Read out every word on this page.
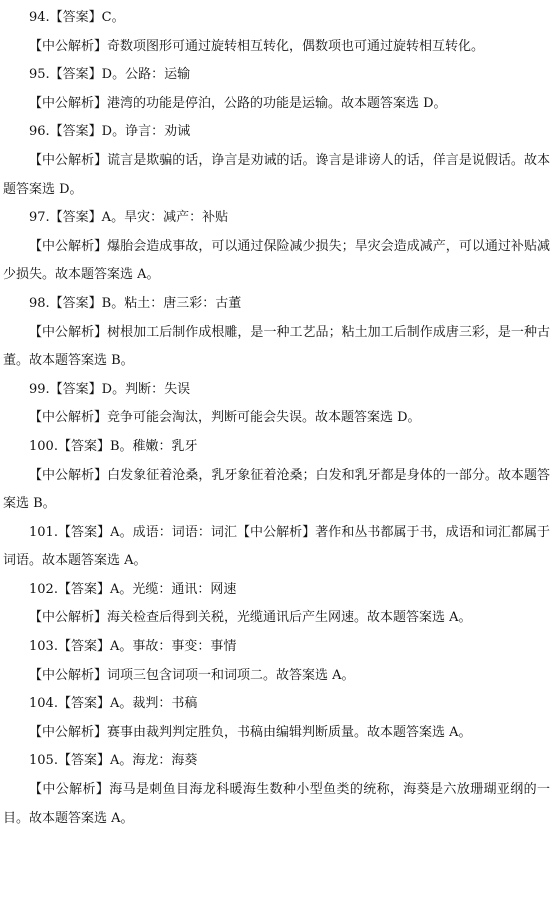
94.【答案】C。

【中公解析】奇数项图形可通过旋转相互转化，偶数项也可通过旋转相互转化。

95.【答案】D。公路：运输

【中公解析】港湾的功能是停泊，公路的功能是运输。故本题答案选 D。

96.【答案】D。诤言：劝诫

【中公解析】谎言是欺骗的话，诤言是劝诫的话。谗言是诽谤人的话，佯言是说假话。故本题答案选 D。

97.【答案】A。旱灾：减产：补贴

【中公解析】爆胎会造成事故，可以通过保险减少损失；旱灾会造成减产，可以通过补贴减少损失。故本题答案选 A。

98.【答案】B。粘土：唐三彩：古董

【中公解析】树根加工后制作成根雕，是一种工艺品；粘土加工后制作成唐三彩，是一种古董。故本题答案选 B。

99.【答案】D。判断：失误

【中公解析】竞争可能会淘汰，判断可能会失误。故本题答案选 D。

100.【答案】B。稚嫩：乳牙

【中公解析】白发象征着沧桑，乳牙象征着沧桑；白发和乳牙都是身体的一部分。故本题答案选 B。

101.【答案】A。成语：词语：词汇【中公解析】著作和丛书都属于书，成语和词汇都属于词语。故本题答案选 A。

102.【答案】A。光缆：通讯：网速

【中公解析】海关检查后得到关税，光缆通讯后产生网速。故本题答案选 A。

103.【答案】A。事故：事变：事情

【中公解析】词项三包含词项一和词项二。故答案选 A。

104.【答案】A。裁判：书稿

【中公解析】赛事由裁判判定胜负，书稿由编辑判断质量。故本题答案选 A。

105.【答案】A。海龙：海葵

【中公解析】海马是刺鱼目海龙科暖海生数种小型鱼类的统称，海葵是六放珊瑚亚纲的一目。故本题答案选 A。
